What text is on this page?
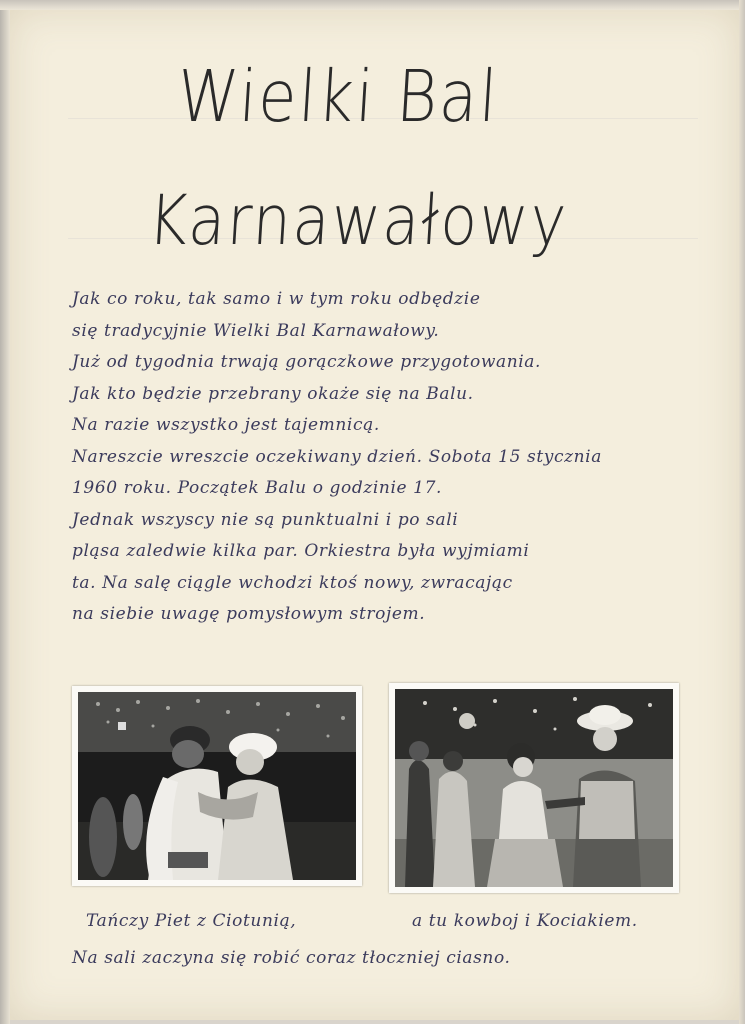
Wielki Bal
Karnawałowy
Jak co roku, tak samo i w tym roku odbędzie
się tradycyjnie Wielki Bal Karnawałowy.
Już od tygodnia trwają gorączkowe przygotowania.
Jak kto będzie przebrany okaże się na Balu.
Na razie wszystko jest tajemnicą.
Nareszcie wreszcie oczekiwany dzień. Sobota 15 stycznia
1960 roku. Początek Balu o godzinie 17.
Jednak wszyscy nie są punktualni i po sali
pląsa zaledwie kilka par. Orkiestra była wyjmiami
ta. Na salę ciągle wchodzi ktoś nowy, zwracając
na siebie uwagę pomysłowym strojem.
Tańczy Piet z Ciotunią,	a tu kowboj i Kociakiem.
Na sali zaczyna się robić coraz tłoczniej ciasno.
